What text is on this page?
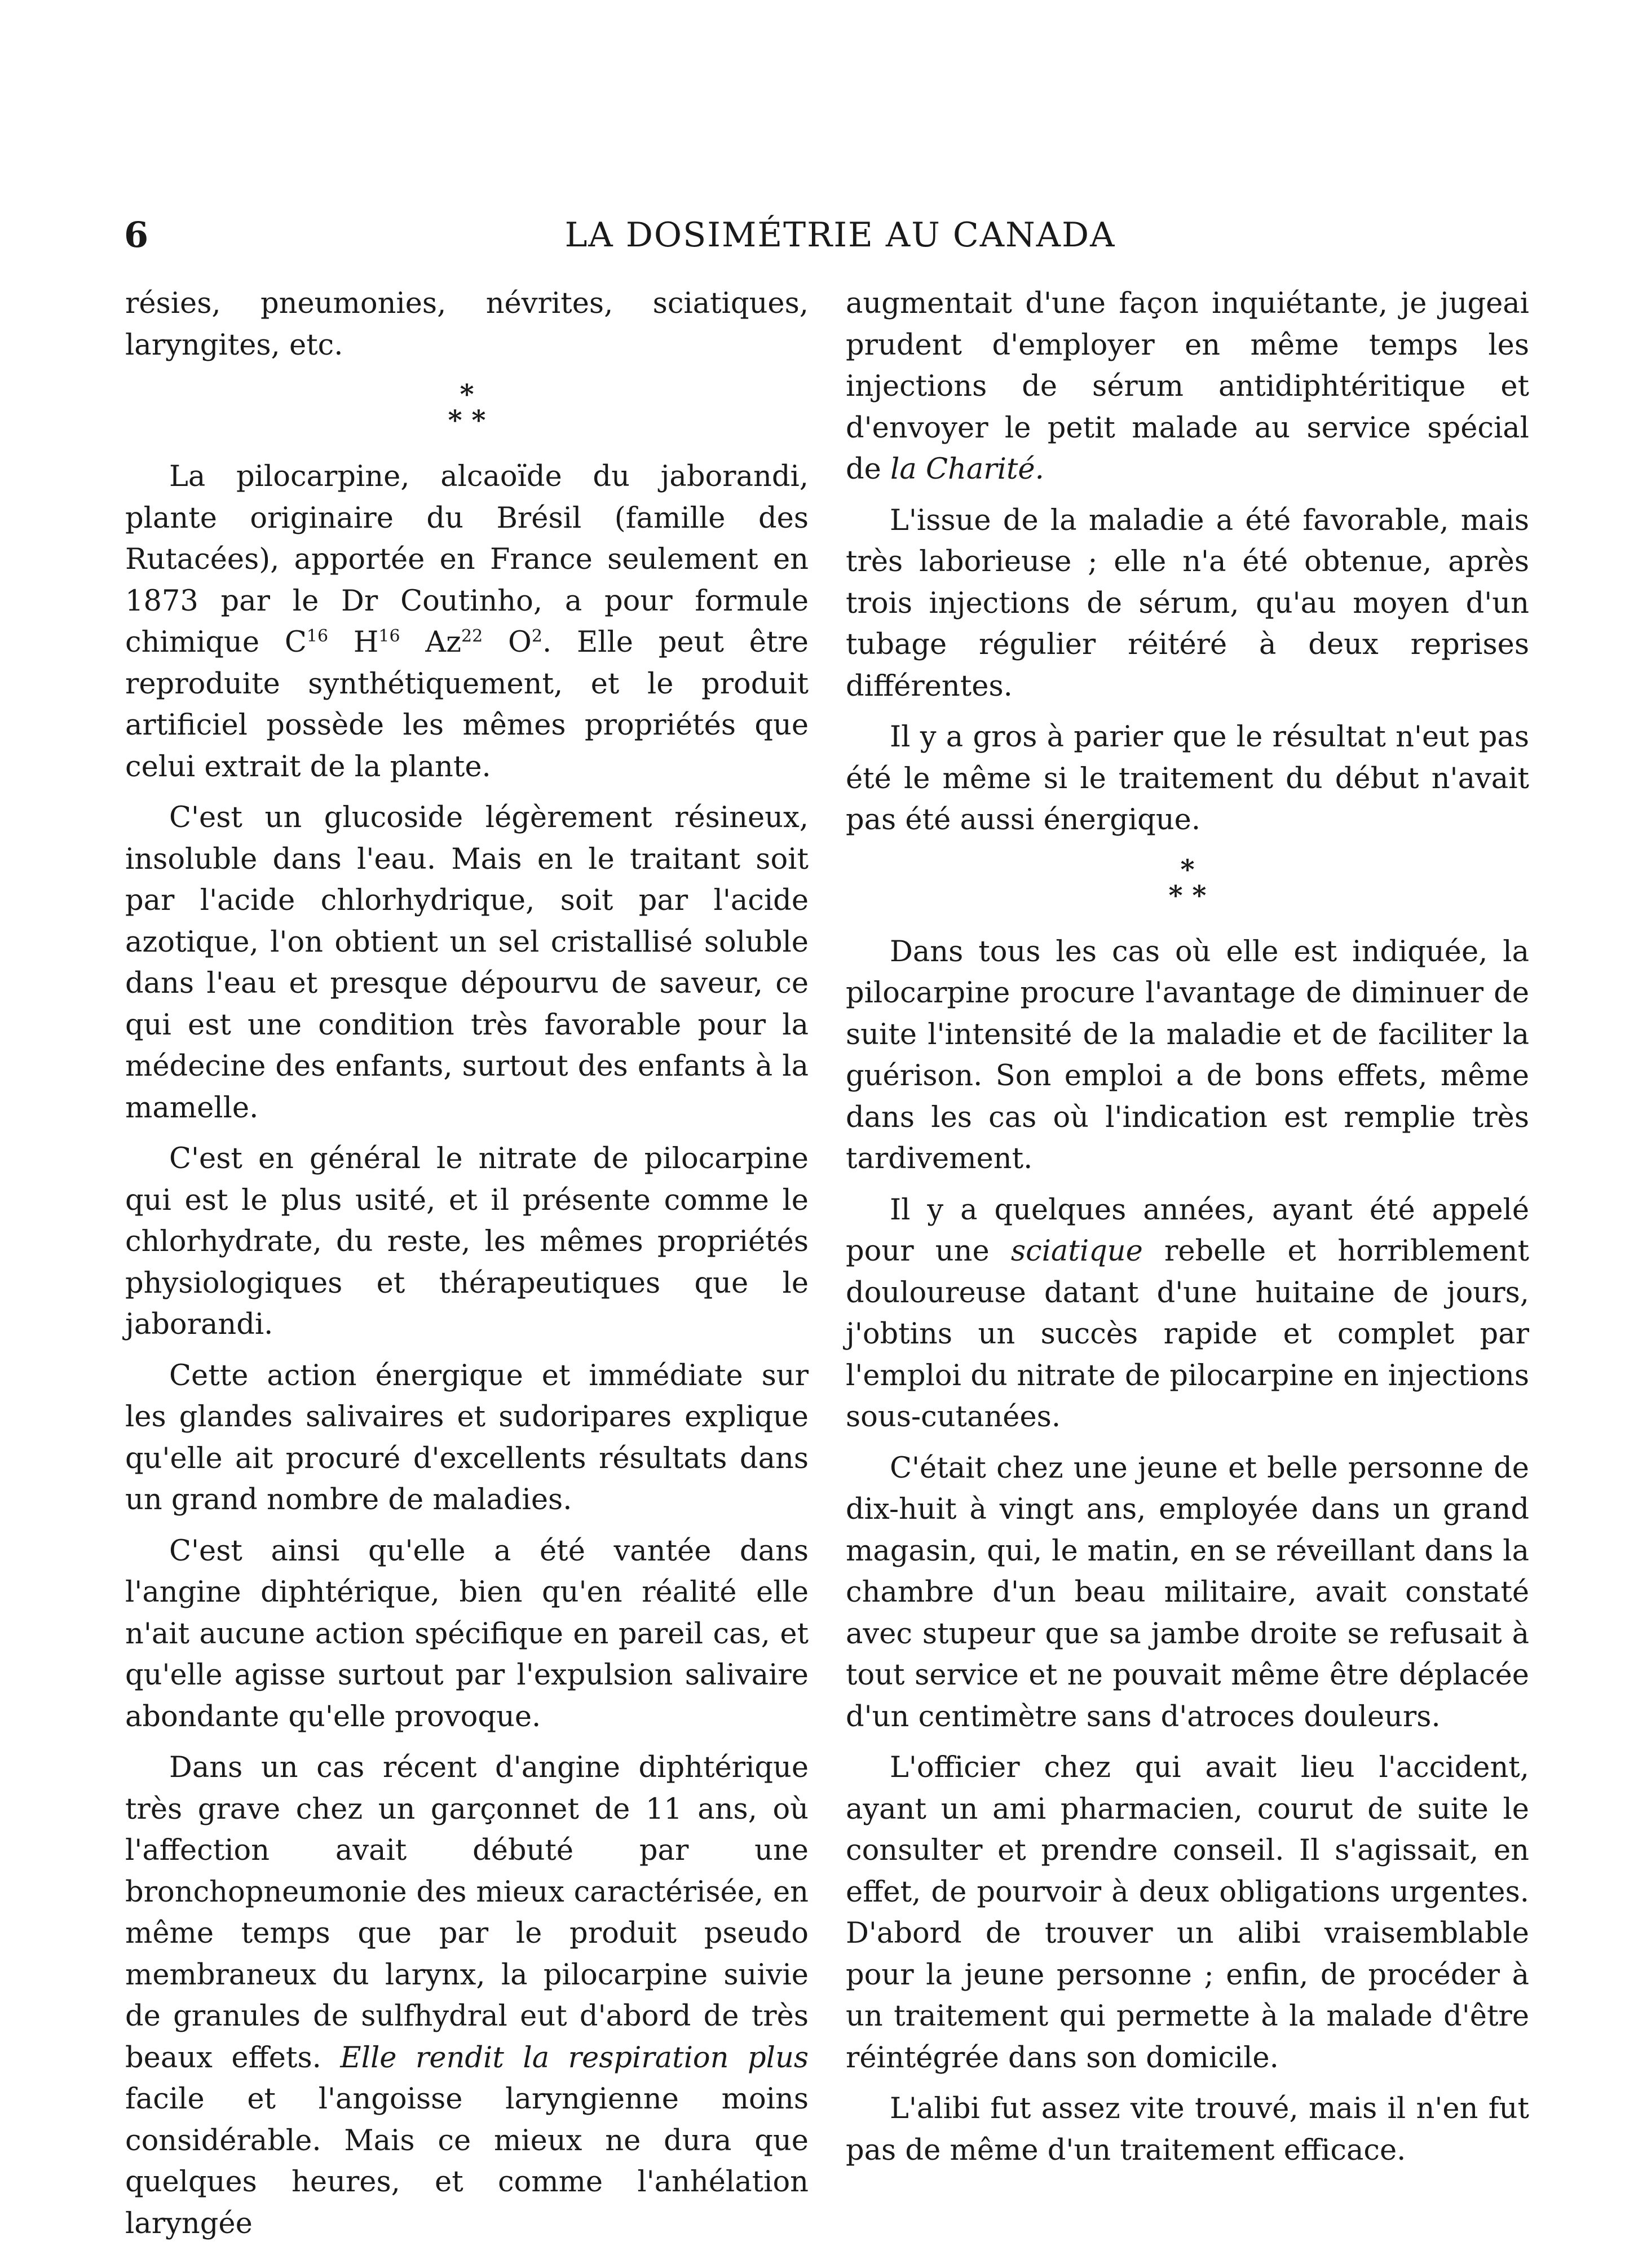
6	LA DOSIMÉTRIE AU CANADA

résies, pneumonies, névrites, sciatiques, laryngites, etc.

*
* *

La pilocarpine, alcaoïde du jaborandi, plante originaire du Brésil (famille des Rutacées), apportée en France seulement en 1873 par le Dr Coutinho, a pour formule chimique $C^{16}$ $H^{16}$ Az$^{22}$ $O^2$. Elle peut être reproduite synthétiquement, et le produit artificiel possède les mêmes propriétés que celui extrait de la plante.

C'est un glucoside légèrement résineux, insoluble dans l'eau. Mais en le traitant soit par l'acide chlorhydrique, soit par l'acide azotique, l'on obtient un sel cristallisé soluble dans l'eau et presque dépourvu de saveur, ce qui est une condition très favorable pour la médecine des enfants, surtout des enfants à la mamelle.

C'est en général le nitrate de pilocarpine qui est le plus usité, et il présente comme le chlorhydrate, du reste, les mêmes propriétés physiologiques et thérapeutiques que le jaborandi.

Cette action énergique et immédiate sur les glandes salivaires et sudoripares explique qu'elle ait procuré d'excellents résultats dans un grand nombre de maladies.

C'est ainsi qu'elle a été vantée dans l'angine diphtérique, bien qu'en réalité elle n'ait aucune action spécifique en pareil cas, et qu'elle agisse surtout par l'expulsion salivaire abondante qu'elle provoque.

Dans un cas récent d'angine diphtérique très grave chez un garçonnet de 11 ans, où l'affection avait débuté par une bronchopneumonie des mieux caractérisée, en même temps que par le produit pseudo membraneux du larynx, la pilocarpine suivie de granules de sulfhydral eut d'abord de très beaux effets. Elle rendit la respiration plus facile et l'angoisse laryngienne moins considérable. Mais ce mieux ne dura que quelques heures, et comme l'anhélation laryngée

augmentait d'une façon inquiétante, je jugeai prudent d'employer en même temps les injections de sérum antidiphtéritique et d'envoyer le petit malade au service spécial de la Charité.

L'issue de la maladie a été favorable, mais très laborieuse ; elle n'a été obtenue, après trois injections de sérum, qu'au moyen d'un tubage régulier réitéré à deux reprises différentes.

Il y a gros à parier que le résultat n'eut pas été le même si le traitement du début n'avait pas été aussi énergique.

*
* *

Dans tous les cas où elle est indiquée, la pilocarpine procure l'avantage de diminuer de suite l'intensité de la maladie et de faciliter la guérison. Son emploi a de bons effets, même dans les cas où l'indication est remplie très tardivement.

Il y a quelques années, ayant été appelé pour une sciatique rebelle et horriblement douloureuse datant d'une huitaine de jours, j'obtins un succès rapide et complet par l'emploi du nitrate de pilocarpine en injections sous-cutanées.

C'était chez une jeune et belle personne de dix-huit à vingt ans, employée dans un grand magasin, qui, le matin, en se réveillant dans la chambre d'un beau militaire, avait constaté avec stupeur que sa jambe droite se refusait à tout service et ne pouvait même être déplacée d'un centimètre sans d'atroces douleurs.

L'officier chez qui avait lieu l'accident, ayant un ami pharmacien, courut de suite le consulter et prendre conseil. Il s'agissait, en effet, de pourvoir à deux obligations urgentes. D'abord de trouver un alibi vraisemblable pour la jeune personne ; enfin, de procéder à un traitement qui permette à la malade d'être réintégrée dans son domicile.

L'alibi fut assez vite trouvé, mais il n'en fut pas de même d'un traitement efficace.
